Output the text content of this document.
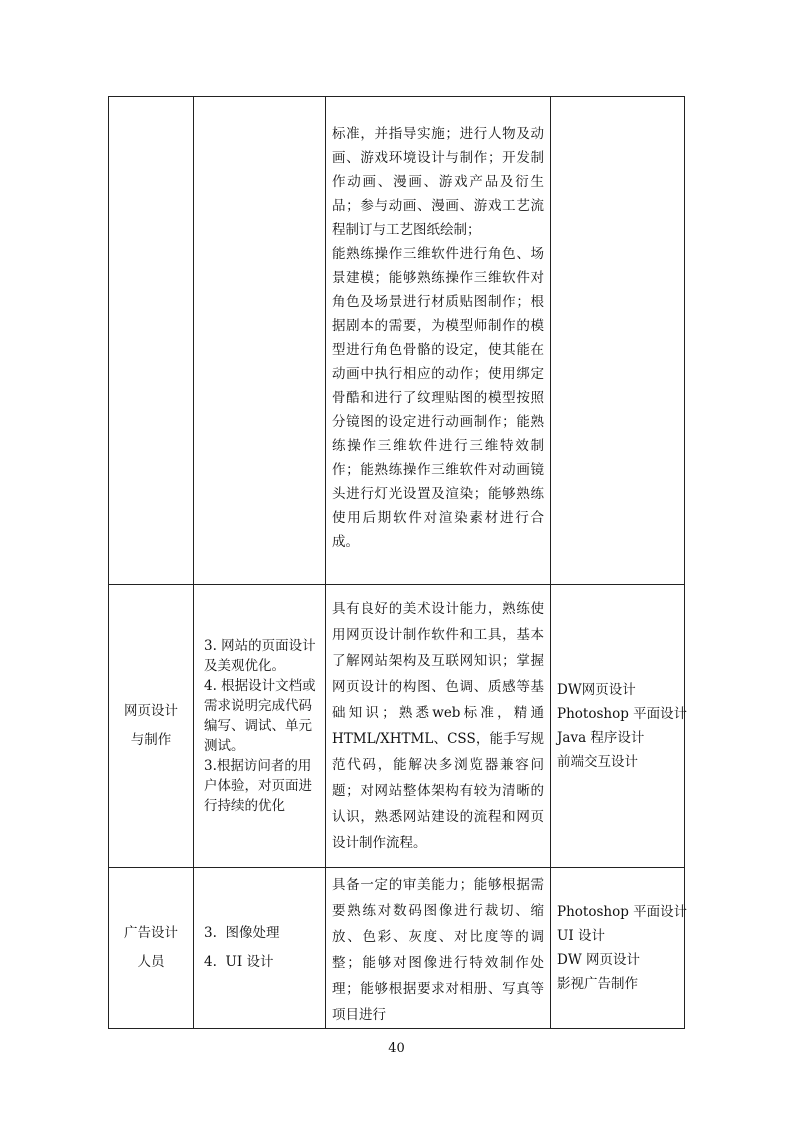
		标准，并指导实施；进行人物及动画、游戏环境设计与制作；开发制作动画、漫画、游戏产品及衍生品；参与动画、漫画、游戏工艺流程制订与工艺图纸绘制；

能熟练操作三维软件进行角色、场景建模；能够熟练操作三维软件对角色及场景进行材质贴图制作；根据剧本的需要，为模型师制作的模型进行角色骨骼的设定，使其能在动画中执行相应的动作；使用绑定骨酷和进行了纹理贴图的模型按照分镜图的设定进行动画制作；能熟练操作三维软件进行三维特效制作；能熟练操作三维软件对动画镜头进行灯光设置及渲染；能够熟练使用后期软件对渲染素材进行合成。	

网页设计与制作	3. 网站的页面设计及美观优化。
4. 根据设计文档或需求说明完成代码编写、调试、单元测试。
3.根据访问者的用户体验，对页面进行持续的优化	具有良好的美术设计能力，熟练使用网页设计制作软件和工具，基本了解网站架构及互联网知识；掌握网页设计的构图、色调、质感等基础知识；熟悉web标准，精通HTML/XHTML、CSS，能手写规范代码，能解决多浏览器兼容问题；对网站整体架构有较为清晰的认识，熟悉网站建设的流程和网页设计制作流程。	DW网页设计
Photoshop 平面设计
Java 程序设计
前端交互设计

广告设计人员	3.  图像处理
4.  UI 设计	具备一定的审美能力；能够根据需要熟练对数码图像进行裁切、缩放、色彩、灰度、对比度等的调整；能够对图像进行特效制作处理；能够根据要求对相册、写真等项目进行	Photoshop 平面设计
UI 设计
DW 网页设计
影视广告制作
40
